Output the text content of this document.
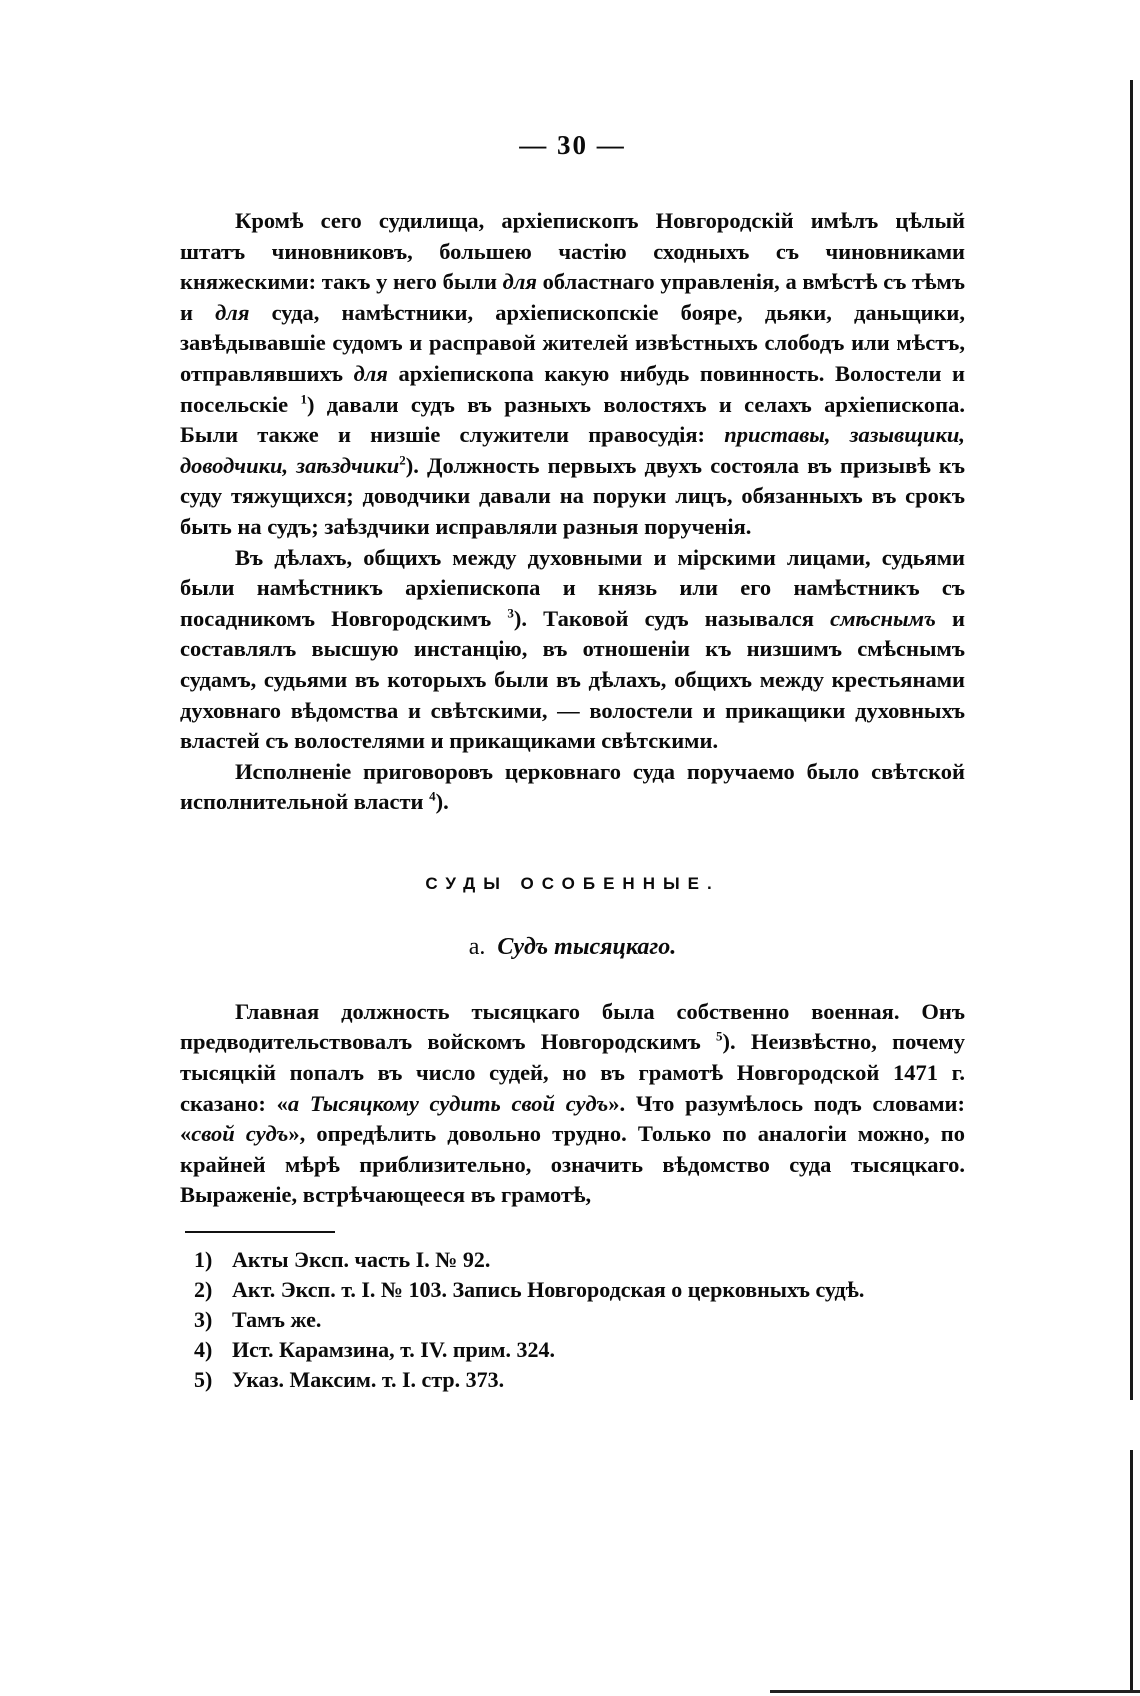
— 30 —

Кромѣ сего судилища, архіепископъ Новгородскій имѣлъ цѣлый штатъ чиновниковъ, большею частію сходныхъ съ чиновниками княжескими: такъ у него были для областнаго управленія, а вмѣстѣ съ тѣмъ и для суда, намѣстники, архіепископскіе бояре, дьяки, даньщики, завѣдывавшіе судомъ и расправой жителей извѣстныхъ слободъ или мѣстъ, отправлявшихъ для архіепископа какую нибудь повинность. Волостели и посельскіе $^1$) давали судъ въ разныхъ волостяхъ и селахъ архіепископа. Были также и низшіе служители правосудія: приставы, зазывщики, доводчики, заѣздчики$^2$). Должность первыхъ двухъ состояла въ призывѣ къ суду тяжущихся; доводчики давали на поруки лицъ, обязанныхъ въ срокъ быть на судъ; заѣздчики исправляли разныя порученія.

Въ дѣлахъ, общихъ между духовными и мірскими лицами, судьями были намѣстникъ архіепископа и князь или его намѣстникъ съ посадникомъ Новгородскимъ $^3$). Таковой судъ назывался смѣснымъ и составлялъ высшую инстанцію, въ отношеніи къ низшимъ смѣснымъ судамъ, судьями въ которыхъ были въ дѣлахъ, общихъ между крестьянами духовнаго вѣдомства и свѣтскими, — волостели и прикащики духовныхъ властей съ волостелями и прикащиками свѣтскими.

Исполненіе приговоровъ церковнаго суда поручаемо было свѣтской исполнительной власти $^4$).

СУДЫ ОСОБЕННЫЕ.
а. Судъ тысяцкаго.

Главная должность тысяцкаго была собственно военная. Онъ предводительствовалъ войскомъ Новгородскимъ $^5$). Неизвѣстно, почему тысяцкій попалъ въ число судей, но въ грамотѣ Новгородской 1471 г. сказано: «а Тысяцкому судить свой судъ». Что разумѣлось подъ словами: «свой судъ», опредѣлить довольно трудно. Только по аналогіи можно, по крайней мѣрѣ приблизительно, означить вѣдомство суда тысяцкаго. Выраженіе, встрѣчающееся въ грамотѣ,

1) Акты Эксп. часть I. № 92.
2) Акт. Эксп. т. I. № 103. Запись Новгородская о церковныхъ судѣ.
3) Тамъ же.
4) Ист. Карамзина, т. IV. прим. 324.
5) Указ. Максим. т. I. стр. 373.
